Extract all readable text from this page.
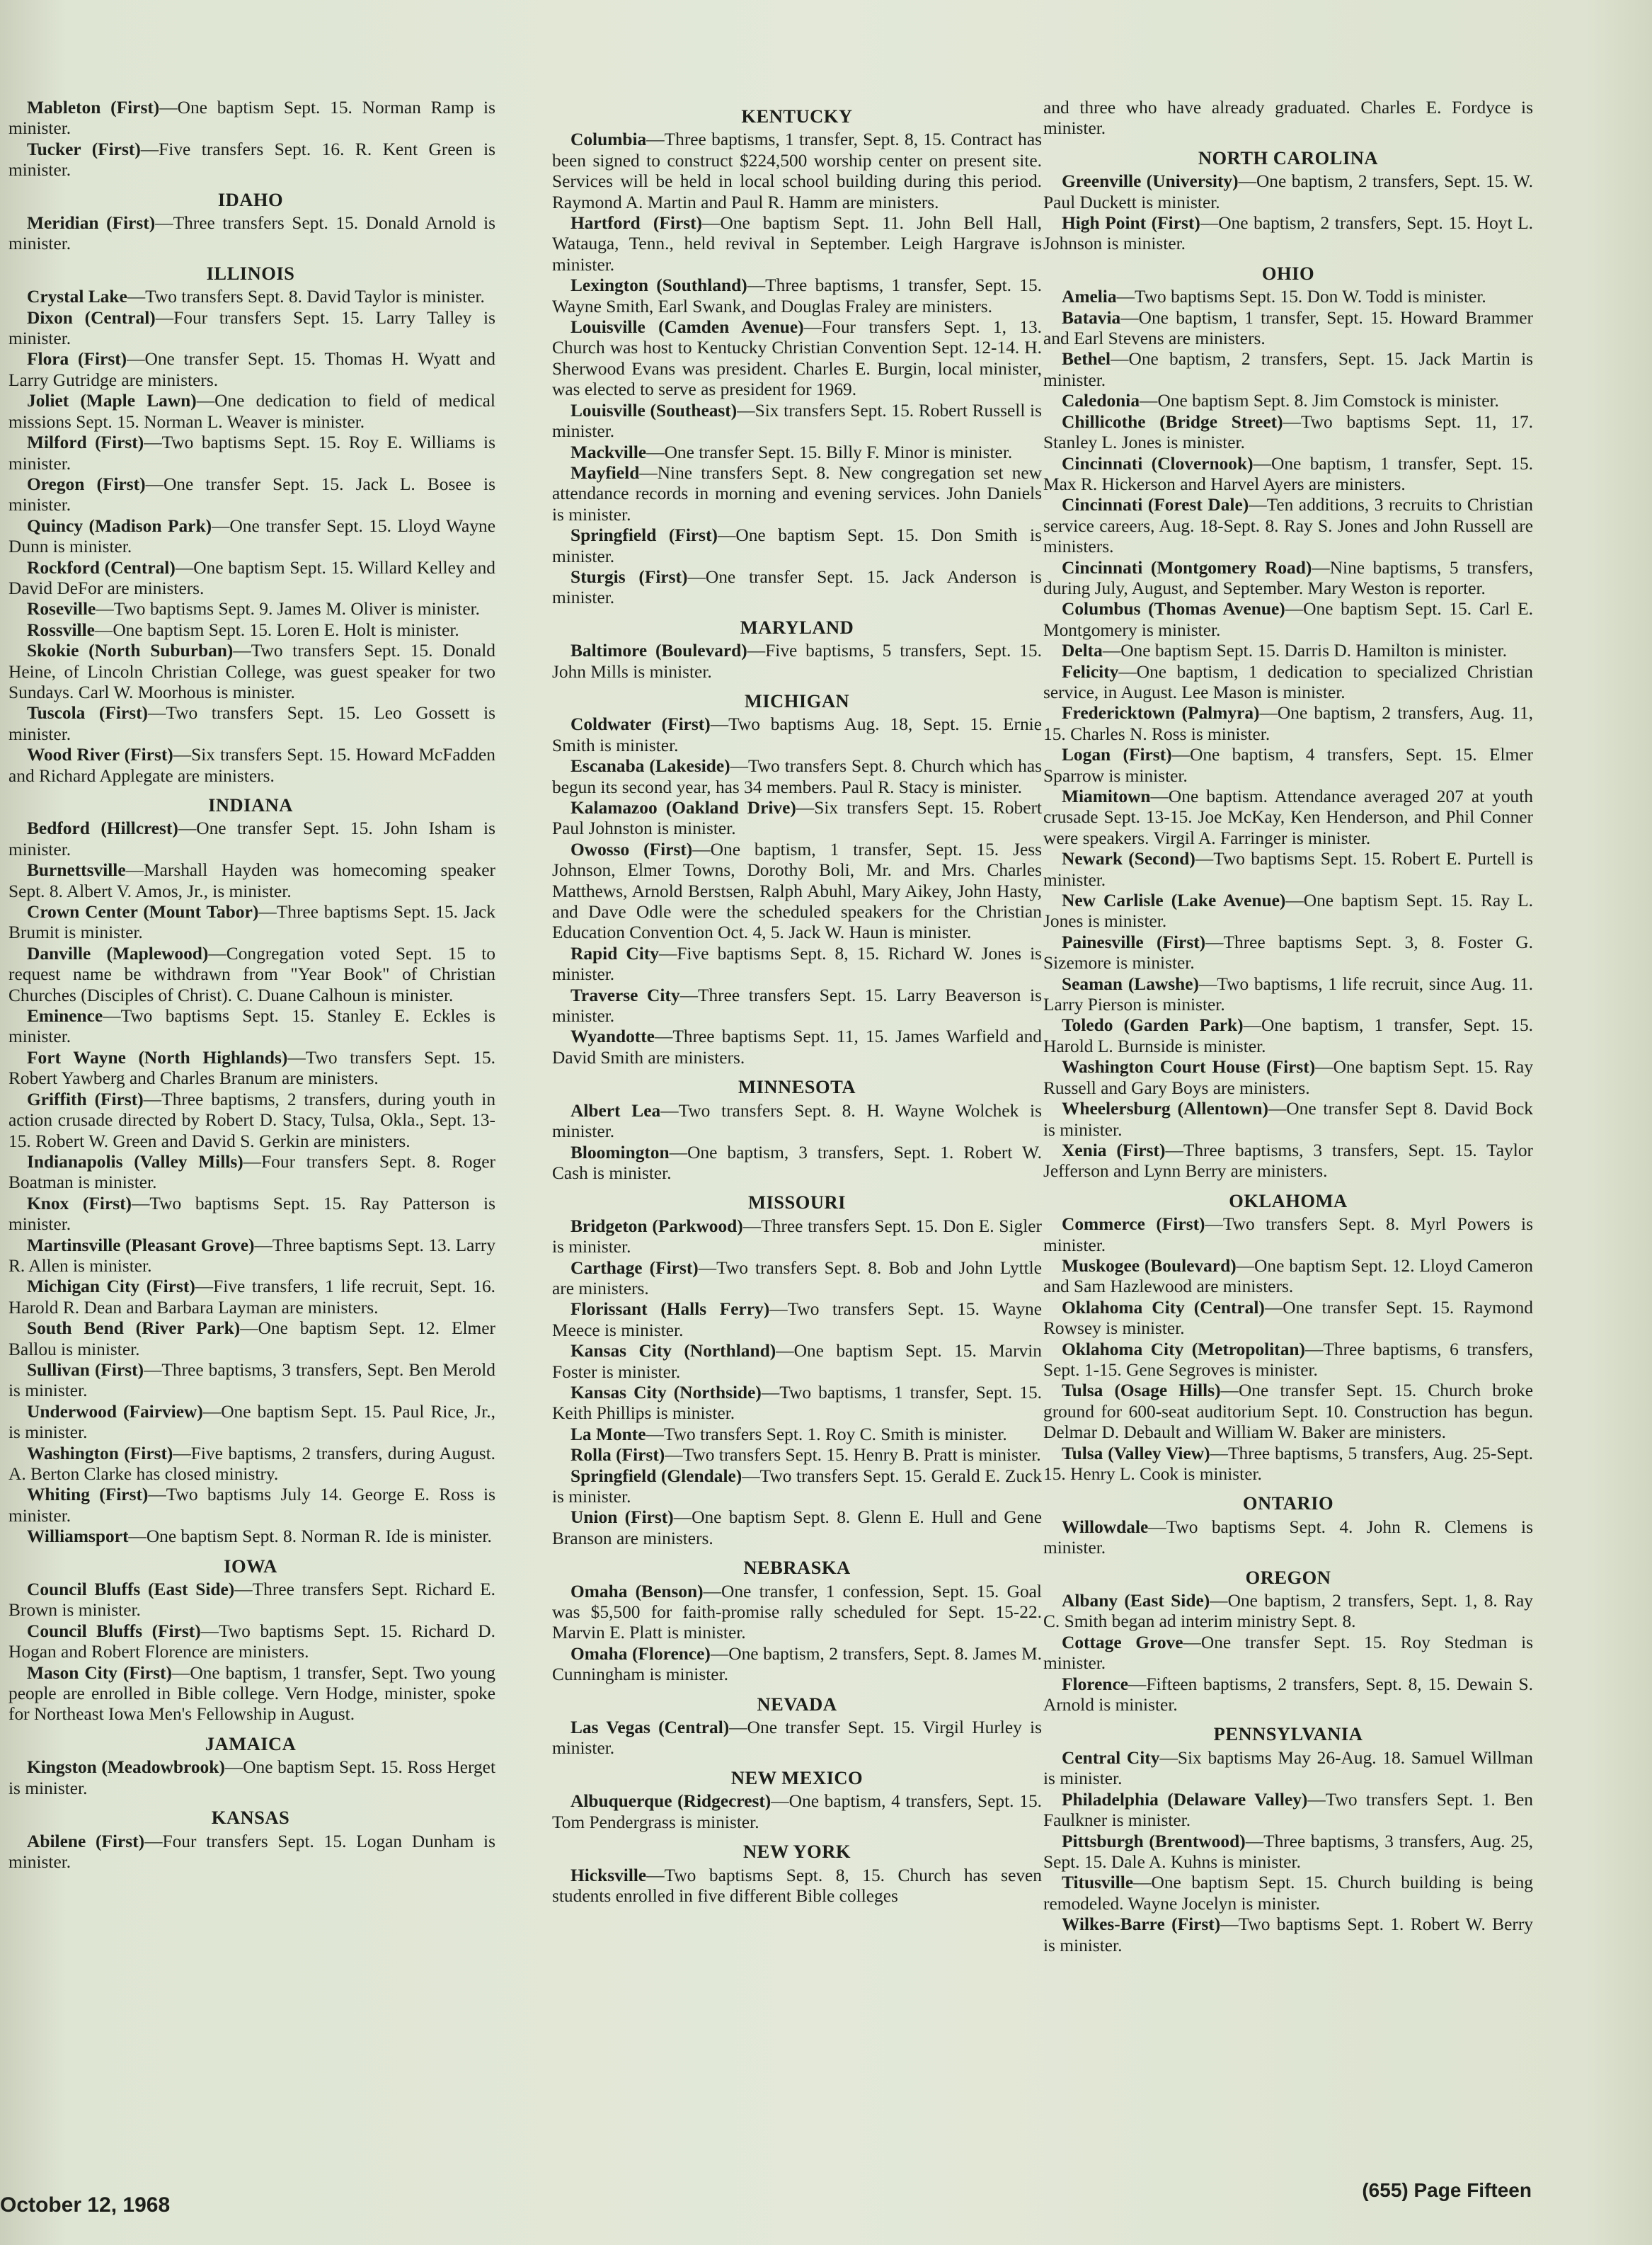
Mableton (First)—One baptism Sept. 15. Norman Ramp is minister.

Tucker (First)—Five transfers Sept. 16. R. Kent Green is minister.

IDAHO

Meridian (First)—Three transfers Sept. 15. Donald Arnold is minister.

ILLINOIS

Crystal Lake—Two transfers Sept. 8. David Taylor is minister.

Dixon (Central)—Four transfers Sept. 15. Larry Talley is minister.

Flora (First)—One transfer Sept. 15. Thomas H. Wyatt and Larry Gutridge are ministers.

Joliet (Maple Lawn)—One dedication to field of medical missions Sept. 15. Norman L. Weaver is minister.

Milford (First)—Two baptisms Sept. 15. Roy E. Williams is minister.

Oregon (First)—One transfer Sept. 15. Jack L. Bosee is minister.

Quincy (Madison Park)—One transfer Sept. 15. Lloyd Wayne Dunn is minister.

Rockford (Central)—One baptism Sept. 15. Willard Kelley and David DeFor are ministers.

Roseville—Two baptisms Sept. 9. James M. Oliver is minister.

Rossville—One baptism Sept. 15. Loren E. Holt is minister.

Skokie (North Suburban)—Two transfers Sept. 15. Donald Heine, of Lincoln Christian College, was guest speaker for two Sundays. Carl W. Moorhous is minister.

Tuscola (First)—Two transfers Sept. 15. Leo Gossett is minister.

Wood River (First)—Six transfers Sept. 15. Howard McFadden and Richard Applegate are ministers.

INDIANA

Bedford (Hillcrest)—One transfer Sept. 15. John Isham is minister.

Burnettsville—Marshall Hayden was homecoming speaker Sept. 8. Albert V. Amos, Jr., is minister.

Crown Center (Mount Tabor)—Three baptisms Sept. 15. Jack Brumit is minister.

Danville (Maplewood)—Congregation voted Sept. 15 to request name be withdrawn from "Year Book" of Christian Churches (Disciples of Christ). C. Duane Calhoun is minister.

Eminence—Two baptisms Sept. 15. Stanley E. Eckles is minister.

Fort Wayne (North Highlands)—Two transfers Sept. 15. Robert Yawberg and Charles Branum are ministers.

Griffith (First)—Three baptisms, 2 transfers, during youth in action crusade directed by Robert D. Stacy, Tulsa, Okla., Sept. 13-15. Robert W. Green and David S. Gerkin are ministers.

Indianapolis (Valley Mills)—Four transfers Sept. 8. Roger Boatman is minister.

Knox (First)—Two baptisms Sept. 15. Ray Patterson is minister.

Martinsville (Pleasant Grove)—Three baptisms Sept. 13. Larry R. Allen is minister.

Michigan City (First)—Five transfers, 1 life recruit, Sept. 16. Harold R. Dean and Barbara Layman are ministers.

South Bend (River Park)—One baptism Sept. 12. Elmer Ballou is minister.

Sullivan (First)—Three baptisms, 3 transfers, Sept. Ben Merold is minister.

Underwood (Fairview)—One baptism Sept. 15. Paul Rice, Jr., is minister.

Washington (First)—Five baptisms, 2 transfers, during August. A. Berton Clarke has closed ministry.

Whiting (First)—Two baptisms July 14. George E. Ross is minister.

Williamsport—One baptism Sept. 8. Norman R. Ide is minister.

IOWA

Council Bluffs (East Side)—Three transfers Sept. Richard E. Brown is minister.

Council Bluffs (First)—Two baptisms Sept. 15. Richard D. Hogan and Robert Florence are ministers.

Mason City (First)—One baptism, 1 transfer, Sept. Two young people are enrolled in Bible college. Vern Hodge, minister, spoke for Northeast Iowa Men's Fellowship in August.

JAMAICA

Kingston (Meadowbrook)—One baptism Sept. 15. Ross Herget is minister.

KANSAS

Abilene (First)—Four transfers Sept. 15. Logan Dunham is minister.

KENTUCKY

Columbia—Three baptisms, 1 transfer, Sept. 8, 15. Contract has been signed to construct $224,500 worship center on present site. Services will be held in local school building during this period. Raymond A. Martin and Paul R. Hamm are ministers.

Hartford (First)—One baptism Sept. 11. John Bell Hall, Watauga, Tenn., held revival in September. Leigh Hargrave is minister.

Lexington (Southland)—Three baptisms, 1 transfer, Sept. 15. Wayne Smith, Earl Swank, and Douglas Fraley are ministers.

Louisville (Camden Avenue)—Four transfers Sept. 1, 13. Church was host to Kentucky Christian Convention Sept. 12-14. H. Sherwood Evans was president. Charles E. Burgin, local minister, was elected to serve as president for 1969.

Louisville (Southeast)—Six transfers Sept. 15. Robert Russell is minister.

Mackville—One transfer Sept. 15. Billy F. Minor is minister.

Mayfield—Nine transfers Sept. 8. New congregation set new attendance records in morning and evening services. John Daniels is minister.

Springfield (First)—One baptism Sept. 15. Don Smith is minister.

Sturgis (First)—One transfer Sept. 15. Jack Anderson is minister.

MARYLAND

Baltimore (Boulevard)—Five baptisms, 5 transfers, Sept. 15. John Mills is minister.

MICHIGAN

Coldwater (First)—Two baptisms Aug. 18, Sept. 15. Ernie Smith is minister.

Escanaba (Lakeside)—Two transfers Sept. 8. Church which has begun its second year, has 34 members. Paul R. Stacy is minister.

Kalamazoo (Oakland Drive)—Six transfers Sept. 15. Robert Paul Johnston is minister.

Owosso (First)—One baptism, 1 transfer, Sept. 15. Jess Johnson, Elmer Towns, Dorothy Boli, Mr. and Mrs. Charles Matthews, Arnold Berstsen, Ralph Abuhl, Mary Aikey, John Hasty, and Dave Odle were the scheduled speakers for the Christian Education Convention Oct. 4, 5. Jack W. Haun is minister.

Rapid City—Five baptisms Sept. 8, 15. Richard W. Jones is minister.

Traverse City—Three transfers Sept. 15. Larry Beaverson is minister.

Wyandotte—Three baptisms Sept. 11, 15. James Warfield and David Smith are ministers.

MINNESOTA

Albert Lea—Two transfers Sept. 8. H. Wayne Wolchek is minister.

Bloomington—One baptism, 3 transfers, Sept. 1. Robert W. Cash is minister.

MISSOURI

Bridgeton (Parkwood)—Three transfers Sept. 15. Don E. Sigler is minister.

Carthage (First)—Two transfers Sept. 8. Bob and John Lyttle are ministers.

Florissant (Halls Ferry)—Two transfers Sept. 15. Wayne Meece is minister.

Kansas City (Northland)—One baptism Sept. 15. Marvin Foster is minister.

Kansas City (Northside)—Two baptisms, 1 transfer, Sept. 15. Keith Phillips is minister.

La Monte—Two transfers Sept. 1. Roy C. Smith is minister.

Rolla (First)—Two transfers Sept. 15. Henry B. Pratt is minister.

Springfield (Glendale)—Two transfers Sept. 15. Gerald E. Zuck is minister.

Union (First)—One baptism Sept. 8. Glenn E. Hull and Gene Branson are ministers.

NEBRASKA

Omaha (Benson)—One transfer, 1 confession, Sept. 15. Goal was $5,500 for faith-promise rally scheduled for Sept. 15-22. Marvin E. Platt is minister.

Omaha (Florence)—One baptism, 2 transfers, Sept. 8. James M. Cunningham is minister.

NEVADA

Las Vegas (Central)—One transfer Sept. 15. Virgil Hurley is minister.

NEW MEXICO

Albuquerque (Ridgecrest)—One baptism, 4 transfers, Sept. 15. Tom Pendergrass is minister.

NEW YORK

Hicksville—Two baptisms Sept. 8, 15. Church has seven students enrolled in five different Bible colleges

and three who have already graduated. Charles E. Fordyce is minister.

NORTH CAROLINA

Greenville (University)—One baptism, 2 transfers, Sept. 15. W. Paul Duckett is minister.

High Point (First)—One baptism, 2 transfers, Sept. 15. Hoyt L. Johnson is minister.

OHIO

Amelia—Two baptisms Sept. 15. Don W. Todd is minister.

Batavia—One baptism, 1 transfer, Sept. 15. Howard Brammer and Earl Stevens are ministers.

Bethel—One baptism, 2 transfers, Sept. 15. Jack Martin is minister.

Caledonia—One baptism Sept. 8. Jim Comstock is minister.

Chillicothe (Bridge Street)—Two baptisms Sept. 11, 17. Stanley L. Jones is minister.

Cincinnati (Clovernook)—One baptism, 1 transfer, Sept. 15. Max R. Hickerson and Harvel Ayers are ministers.

Cincinnati (Forest Dale)—Ten additions, 3 recruits to Christian service careers, Aug. 18-Sept. 8. Ray S. Jones and John Russell are ministers.

Cincinnati (Montgomery Road)—Nine baptisms, 5 transfers, during July, August, and September. Mary Weston is reporter.

Columbus (Thomas Avenue)—One baptism Sept. 15. Carl E. Montgomery is minister.

Delta—One baptism Sept. 15. Darris D. Hamilton is minister.

Felicity—One baptism, 1 dedication to specialized Christian service, in August. Lee Mason is minister.

Fredericktown (Palmyra)—One baptism, 2 transfers, Aug. 11, 15. Charles N. Ross is minister.

Logan (First)—One baptism, 4 transfers, Sept. 15. Elmer Sparrow is minister.

Miamitown—One baptism. Attendance averaged 207 at youth crusade Sept. 13-15. Joe McKay, Ken Henderson, and Phil Conner were speakers. Virgil A. Farringer is minister.

Newark (Second)—Two baptisms Sept. 15. Robert E. Purtell is minister.

New Carlisle (Lake Avenue)—One baptism Sept. 15. Ray L. Jones is minister.

Painesville (First)—Three baptisms Sept. 3, 8. Foster G. Sizemore is minister.

Seaman (Lawshe)—Two baptisms, 1 life recruit, since Aug. 11. Larry Pierson is minister.

Toledo (Garden Park)—One baptism, 1 transfer, Sept. 15. Harold L. Burnside is minister.

Washington Court House (First)—One baptism Sept. 15. Ray Russell and Gary Boys are ministers.

Wheelersburg (Allentown)—One transfer Sept 8. David Bock is minister.

Xenia (First)—Three baptisms, 3 transfers, Sept. 15. Taylor Jefferson and Lynn Berry are ministers.

OKLAHOMA

Commerce (First)—Two transfers Sept. 8. Myrl Powers is minister.

Muskogee (Boulevard)—One baptism Sept. 12. Lloyd Cameron and Sam Hazlewood are ministers.

Oklahoma City (Central)—One transfer Sept. 15. Raymond Rowsey is minister.

Oklahoma City (Metropolitan)—Three baptisms, 6 transfers, Sept. 1-15. Gene Segroves is minister.

Tulsa (Osage Hills)—One transfer Sept. 15. Church broke ground for 600-seat auditorium Sept. 10. Construction has begun. Delmar D. Debault and William W. Baker are ministers.

Tulsa (Valley View)—Three baptisms, 5 transfers, Aug. 25-Sept. 15. Henry L. Cook is minister.

ONTARIO

Willowdale—Two baptisms Sept. 4. John R. Clemens is minister.

OREGON

Albany (East Side)—One baptism, 2 transfers, Sept. 1, 8. Ray C. Smith began ad interim ministry Sept. 8.

Cottage Grove—One transfer Sept. 15. Roy Stedman is minister.

Florence—Fifteen baptisms, 2 transfers, Sept. 8, 15. Dewain S. Arnold is minister.

PENNSYLVANIA

Central City—Six baptisms May 26-Aug. 18. Samuel Willman is minister.

Philadelphia (Delaware Valley)—Two transfers Sept. 1. Ben Faulkner is minister.

Pittsburgh (Brentwood)—Three baptisms, 3 transfers, Aug. 25, Sept. 15. Dale A. Kuhns is minister.

Titusville—One baptism Sept. 15. Church building is being remodeled. Wayne Jocelyn is minister.

Wilkes-Barre (First)—Two baptisms Sept. 1. Robert W. Berry is minister.

October 12, 1968
(655) Page Fifteen
